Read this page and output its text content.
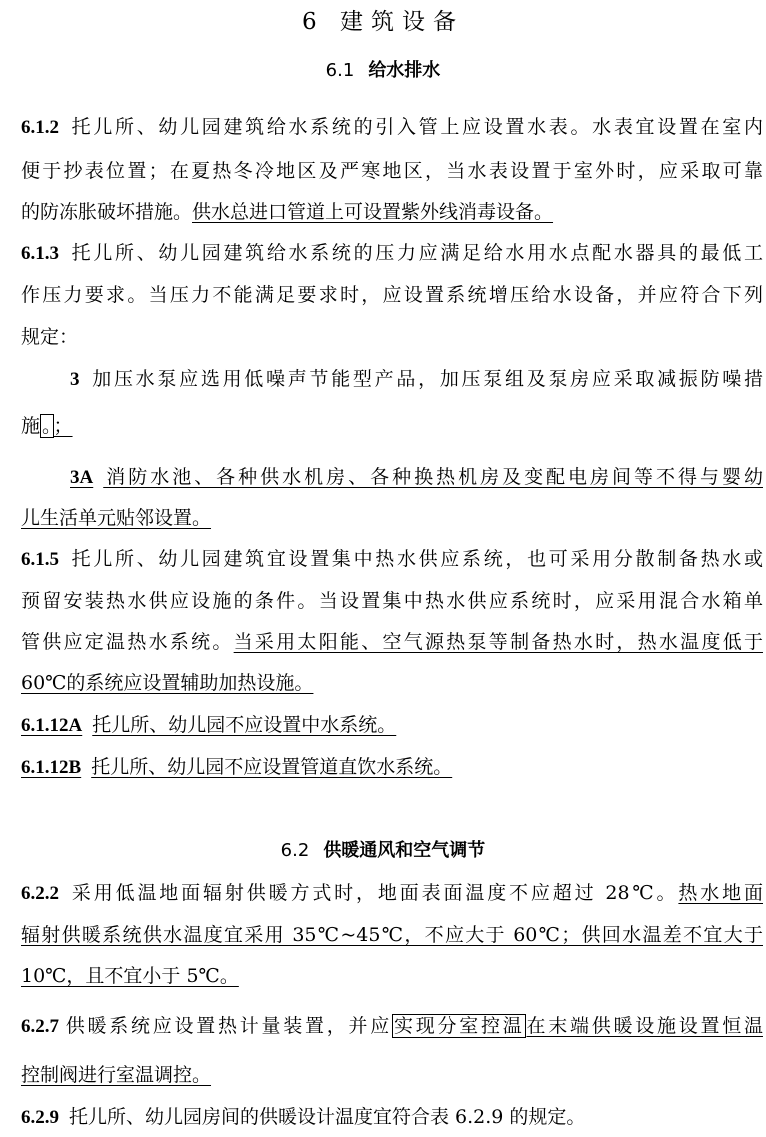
6 建筑设备
6.1 给水排水
6.1.2 托儿所、幼儿园建筑给水系统的引入管上应设置水表。水表宜设置在室内
便于抄表位置；在夏热冬冷地区及严寒地区，当水表设置于室外时，应采取可靠
的防冻胀破坏措施。供水总进口管道上可设置紫外线消毒设备。
6.1.3 托儿所、幼儿园建筑给水系统的压力应满足给水用水点配水器具的最低工
作压力要求。当压力不能满足要求时，应设置系统增压给水设备，并应符合下列
规定：
3 加压水泵应选用低噪声节能型产品，加压泵组及泵房应采取减振防噪措
施 。 ；
3A 消防水池、各种供水机房、各种换热机房及变配电房间等不得与婴幼
儿生活单元贴邻设置。
6.1.5 托儿所、幼儿园建筑宜设置集中热水供应系统，也可采用分散制备热水或
预留安装热水供应设施的条件。当设置集中热水供应系统时，应采用混合水箱单
管供应定温热水系统。当采用太阳能、空气源热泵等制备热水时，热水温度低于
60℃的系统应设置辅助加热设施。
6.1.12A 托儿所、幼儿园不应设置中水系统。
6.1.12B 托儿所、幼儿园不应设置管道直饮水系统。
6.2 供暖通风和空气调节
6.2.2 采用低温地面辐射供暖方式时，地面表面温度不应超过 28℃。热水地面
辐射供暖系统供水温度宜采用 35℃~45℃，不应大于 60℃；供回水温差不宜大于
10℃，且不宜小于 5℃。
6.2.7 供暖系统应设置热计量装置，并应 实现分室控温 在末端供暖设施设置恒温
控制阀进行室温调控。
6.2.9 托儿所、幼儿园房间的供暖设计温度宜符合表 6.2.9 的规定。
